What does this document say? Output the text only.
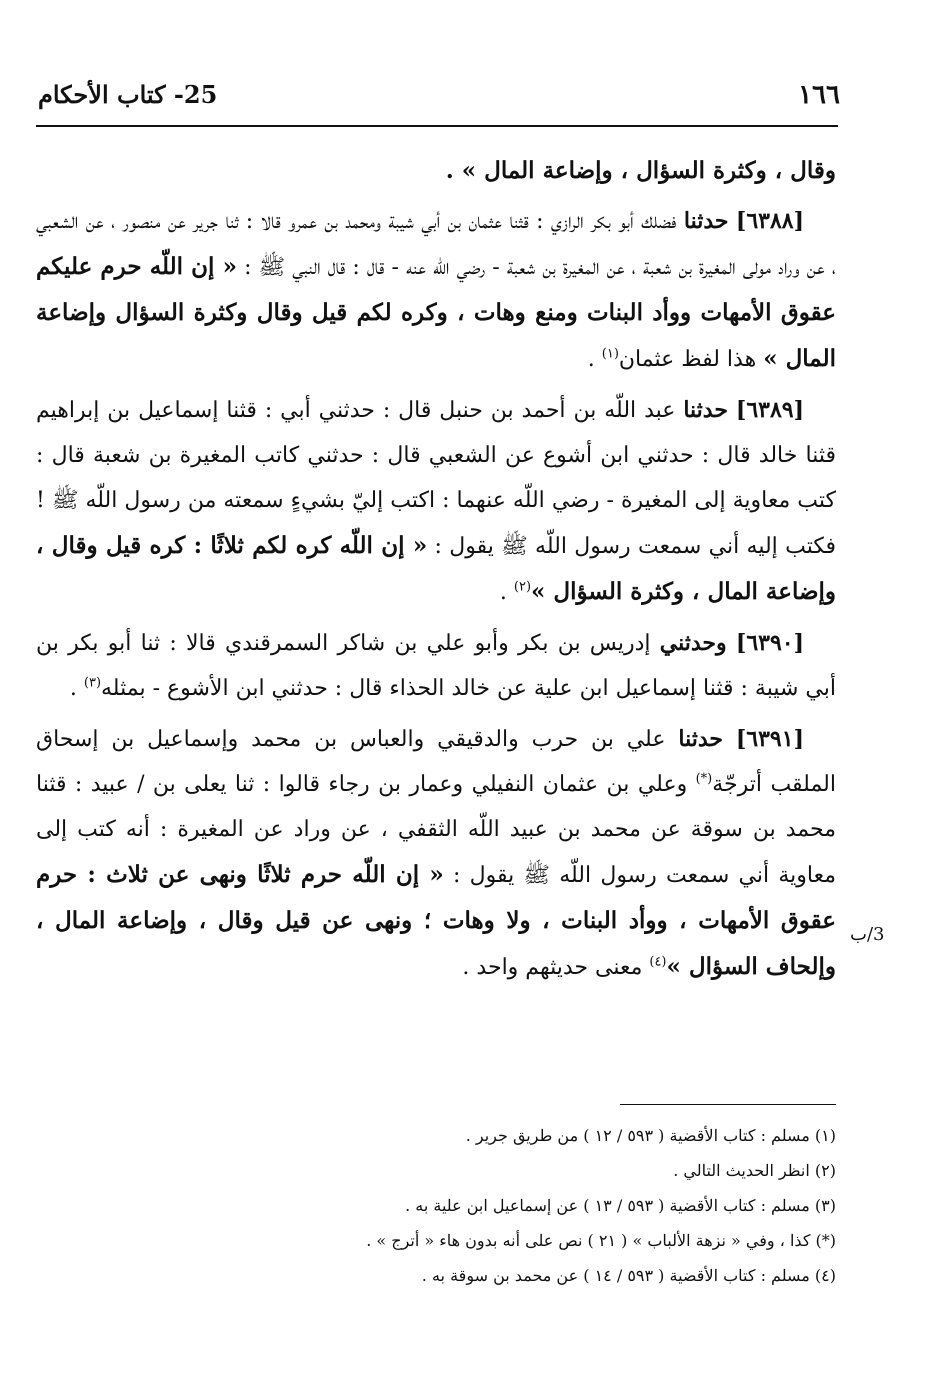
١٦٦
25- كتاب الأحكام

وقال ، وكثرة السؤال ، وإضاعة المال » .

[٦٣٨٨] حدثنا فضلك أبو بكر الرازي : قثنا عثمان بن أبي شيبة ومحمد بن عمرو قالا : ثنا جرير عن منصور ، عن الشعبي ، عن وراد مولى المغيرة بن شعبة ، عن المغيرة بن شعبة - رضي اللّه عنه - قال : قال النبي ﷺ : « إن اللّه حرم عليكم عقوق الأمهات ووأد البنات ومنع وهات ، وكره لكم قيل وقال وكثرة السؤال وإضاعة المال » هذا لفظ عثمان$^{(١)}$ .

[٦٣٨٩] حدثنا عبد اللّه بن أحمد بن حنبل قال : حدثني أبي : قثنا إسماعيل بن إبراهيم قثنا خالد قال : حدثني ابن أشوع عن الشعبي قال : حدثني كاتب المغيرة بن شعبة قال : كتب معاوية إلى المغيرة - رضي اللّه عنهما : اكتب إليّ بشيءٍ سمعته من رسول اللّه ﷺ ! فكتب إليه أني سمعت رسول اللّه ﷺ يقول : « إن اللّه كره لكم ثلاثًا : كره قيل وقال ، وإضاعة المال ، وكثرة السؤال »$^{(٢)}$ .

[٦٣٩٠] وحدثني إدريس بن بكر وأبو علي بن شاكر السمرقندي قالا : ثنا أبو بكر بن أبي شيبة : قثنا إسماعيل ابن علية عن خالد الحذاء قال : حدثني ابن الأشوع - بمثله$^{(٣)}$ .

[٦٣٩١] حدثنا علي بن حرب والدقيقي والعباس بن محمد وإسماعيل بن إسحاق الملقب أترجّة(*) وعلي بن عثمان النفيلي وعمار بن رجاء قالوا : ثنا يعلى بن / عبيد : قثنا محمد بن سوقة عن محمد بن عبيد اللّه الثقفي ، عن وراد عن المغيرة : أنه كتب إلى معاوية أني سمعت رسول اللّه ﷺ يقول : « إن اللّه حرم ثلاثًا ونهى عن ثلاث : حرم عقوق الأمهات ، ووأد البنات ، ولا وهات ؛ ونهى عن قيل وقال ، وإضاعة المال ، وإلحاف السؤال »$^{(٤)}$ معنى حديثهم واحد .

3/ب

(١) مسلم : كتاب الأقضية ( ٥٩٣ / ١٢ ) من طريق جرير .

(٢) انظر الحديث التالي .

(٣) مسلم : كتاب الأقضية ( ٥٩٣ / ١٣ ) عن إسماعيل ابن علية به .

(*) كذا ، وفي « نزهة الألباب » ( ٢١ ) نص على أنه بدون هاء « أترج » .

(٤) مسلم : كتاب الأقضية ( ٥٩٣ / ١٤ ) عن محمد بن سوقة به .
